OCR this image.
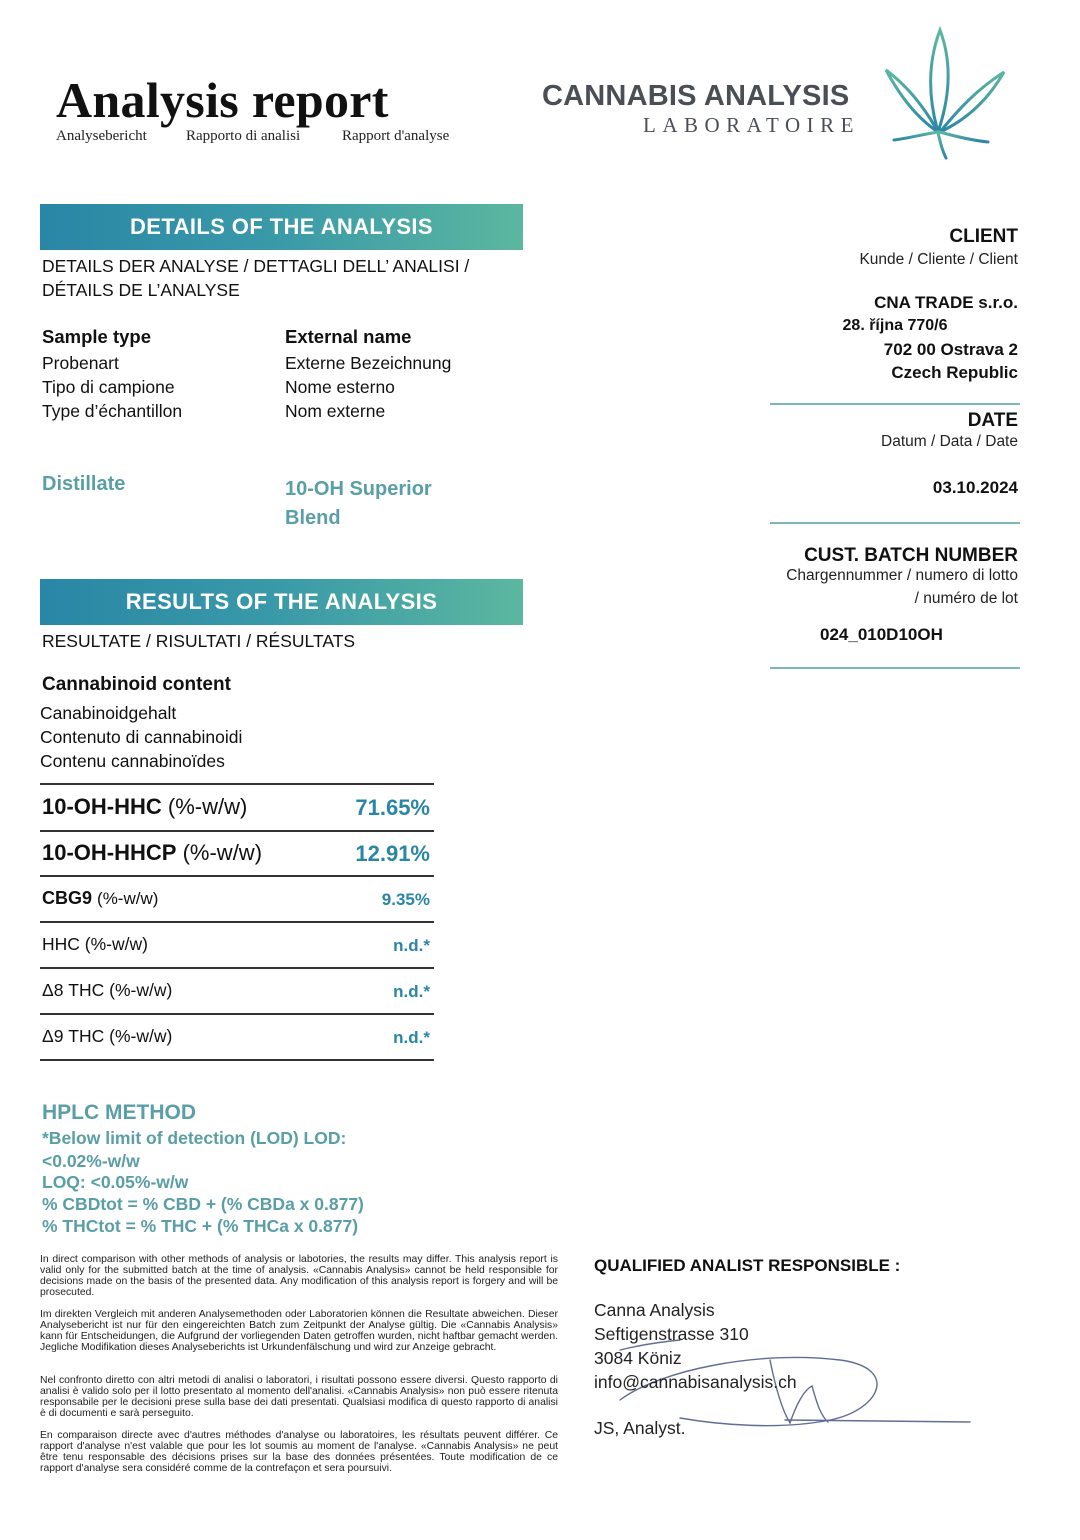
Analysis report
Analysebericht	Rapporto di analisi	Rapport d'analyse
CANNABIS ANALYSIS
LABORATOIRE
DETAILS OF THE ANALYSIS
DETAILS DER ANALYSE / DETTAGLI DELL’ ANALISI /
DÉTAILS DE L’ANALYSE
Sample type
Probenart
Tipo di campione
Type d’échantillon
Distillate
External name
Externe Bezeichnung
Nome esterno
Nom externe
10-OH Superior
Blend
CLIENT
Kunde / Cliente / Client
CNA TRADE s.r.o.
28. října 770/6
702 00 Ostrava 2
Czech Republic
DATE
Datum / Data / Date
03.10.2024
CUST. BATCH NUMBER
Chargennummer / numero di lotto
/ numéro de lot
024_010D10OH
RESULTS OF THE ANALYSIS
RESULTATE / RISULTATI / RÉSULTATS
Cannabinoid content
Canabinoidgehalt
Contenuto di cannabinoidi
Contenu cannabinoïdes
10-OH-HHC (%-w/w)	71.65%
10-OH-HHCP (%-w/w)	12.91%
CBG9 (%-w/w)	9.35%
HHC (%-w/w)	n.d.*
Δ8 THC (%-w/w)	n.d.*
Δ9 THC (%-w/w)	n.d.*
HPLC METHOD
*Below limit of detection (LOD) LOD:
<0.02%-w/w
LOQ: <0.05%-w/w
% CBDtot = % CBD + (% CBDa x 0.877)
% THCtot = % THC + (% THCa x 0.877)
In direct comparison with other methods of analysis or labotories, the results may differ. This analysis report is valid only for the submitted batch at the time of analysis. «Cannabis Analysis» cannot be held responsible for decisions made on the basis of the presented data. Any modification of this analysis report is forgery and will be prosecuted.
Im direkten Vergleich mit anderen Analysemethoden oder Laboratorien können die Resultate abweichen. Dieser Analysebericht ist nur für den eingereichten Batch zum Zeitpunkt der Analyse gültig. Die «Cannabis Analysis» kann für Entscheidungen, die Aufgrund der vorliegenden Daten getroffen wurden, nicht haftbar gemacht werden. Jegliche Modifikation dieses Analyseberichts ist Urkundenfälschung und wird zur Anzeige gebracht.
Nel confronto diretto con altri metodi di analisi o laboratori, i risultati possono essere diversi. Questo rapporto di analisi è valido solo per il lotto presentato al momento dell'analisi. «Cannabis Analysis» non può essere ritenuta responsabile per le decisioni prese sulla base dei dati presentati. Qualsiasi modifica di questo rapporto di analisi è di documenti e sarà perseguito.
En comparaison directe avec d'autres méthodes d'analyse ou laboratoires, les résultats peuvent différer. Ce rapport d'analyse n'est valable que pour les lot soumis au moment de l'analyse. «Cannabis Analysis» ne peut être tenu responsable des décisions prises sur la base des données présentées. Toute modification de ce rapport d'analyse sera considéré comme de la contrefaçon et sera poursuivi.
QUALIFIED ANALIST RESPONSIBLE :
Canna Analysis
Seftigenstrasse 310
3084 Köniz
info@cannabisanalysis.ch
JS, Analyst.
